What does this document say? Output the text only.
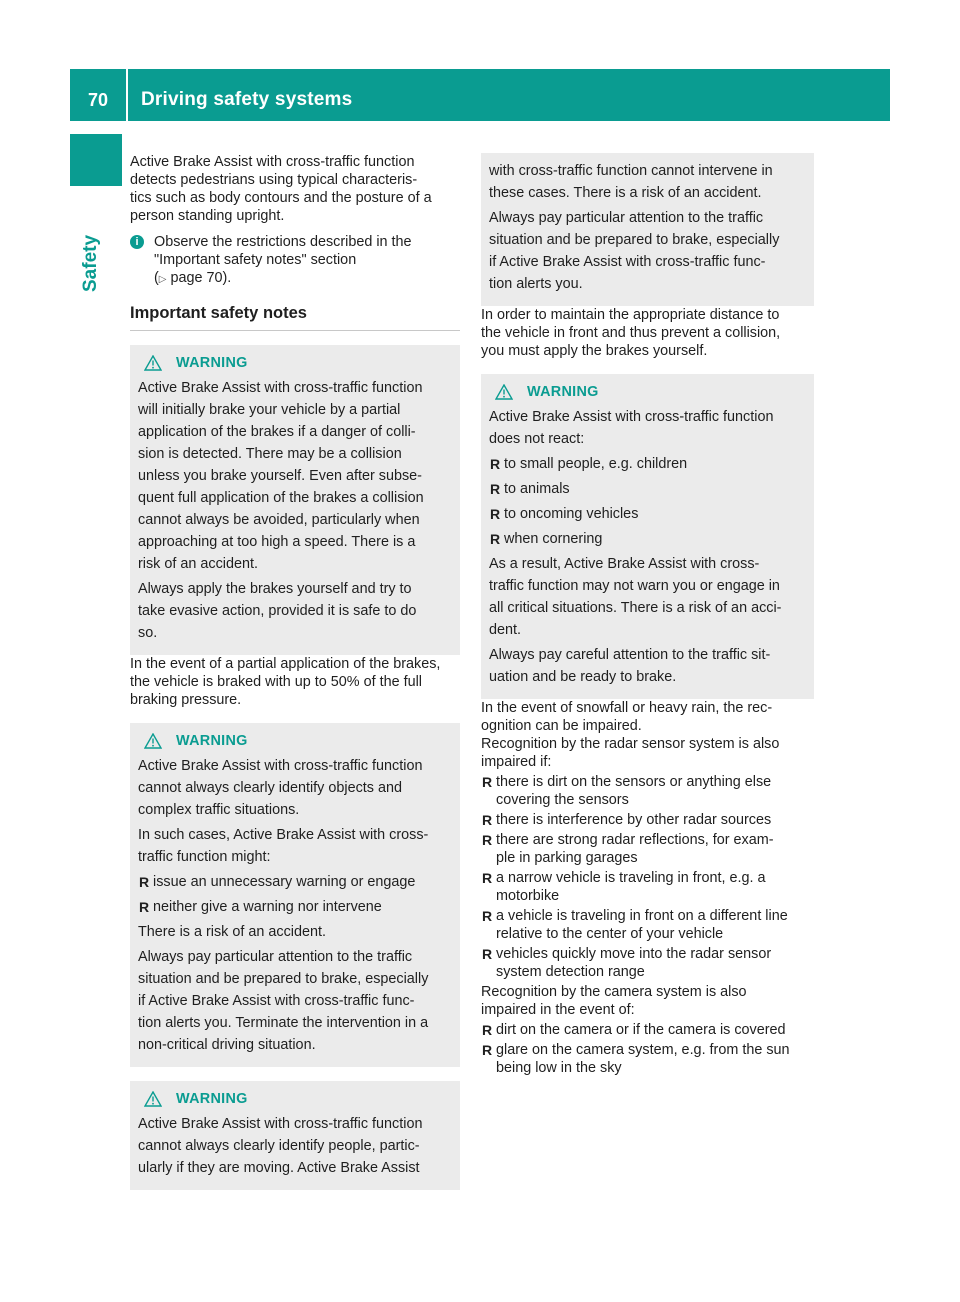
70	Driving safety systems
Safety

Active Brake Assist with cross-traffic function
detects pedestrians using typical characteris-
tics such as body contours and the posture of a
person standing upright.

i	Observe the restrictions described in the
"Important safety notes" section
(▷ page 70).

Important safety notes
WARNING

Active Brake Assist with cross-traffic function
will initially brake your vehicle by a partial
application of the brakes if a danger of colli-
sion is detected. There may be a collision
unless you brake yourself. Even after subse-
quent full application of the brakes a collision
cannot always be avoided, particularly when
approaching at too high a speed. There is a
risk of an accident.

Always apply the brakes yourself and try to
take evasive action, provided it is safe to do
so.

In the event of a partial application of the brakes,
the vehicle is braked with up to 50% of the full
braking pressure.

WARNING

Active Brake Assist with cross-traffic function
cannot always clearly identify objects and
complex traffic situations.

In such cases, Active Brake Assist with cross-
traffic function might:

R issue an unnecessary warning or engage
R neither give a warning nor intervene

There is a risk of an accident.

Always pay particular attention to the traffic
situation and be prepared to brake, especially
if Active Brake Assist with cross-traffic func-
tion alerts you. Terminate the intervention in a
non-critical driving situation.

WARNING

Active Brake Assist with cross-traffic function
cannot always clearly identify people, partic-
ularly if they are moving. Active Brake Assist

with cross-traffic function cannot intervene in
these cases. There is a risk of an accident.

Always pay particular attention to the traffic
situation and be prepared to brake, especially
if Active Brake Assist with cross-traffic func-
tion alerts you.

In order to maintain the appropriate distance to
the vehicle in front and thus prevent a collision,
you must apply the brakes yourself.

WARNING

Active Brake Assist with cross-traffic function
does not react:

R to small people, e.g. children
R to animals
R to oncoming vehicles
R when cornering

As a result, Active Brake Assist with cross-
traffic function may not warn you or engage in
all critical situations. There is a risk of an acci-
dent.

Always pay careful attention to the traffic sit-
uation and be ready to brake.

In the event of snowfall or heavy rain, the rec-
ognition can be impaired.

Recognition by the radar sensor system is also
impaired if:

R there is dirt on the sensors or anything else
covering the sensors
R there is interference by other radar sources
R there are strong radar reflections, for exam-
ple in parking garages
R a narrow vehicle is traveling in front, e.g. a
motorbike
R a vehicle is traveling in front on a different line
relative to the center of your vehicle
R vehicles quickly move into the radar sensor
system detection range

Recognition by the camera system is also
impaired in the event of:

R dirt on the camera or if the camera is covered
R glare on the camera system, e.g. from the sun
being low in the sky
